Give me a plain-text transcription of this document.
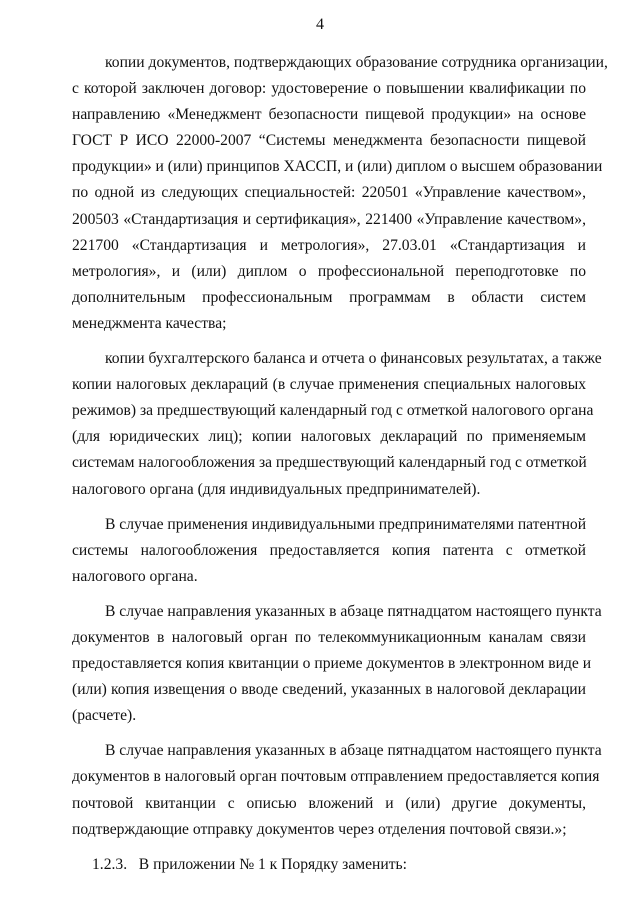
4

копии документов, подтверждающих образование сотрудника организации,
с которой заключен договор: удостоверение о повышении квалификации по
направлению «Менеджмент безопасности пищевой продукции» на основе
ГОСТ Р ИСО 22000-2007 “Системы менеджмента безопасности пищевой
продукции» и (или) принципов ХАССП, и (или) диплом о высшем образовании
по одной из следующих специальностей: 220501 «Управление качеством»,
200503 «Стандартизация и сертификация», 221400 «Управление качеством»,
221700 «Стандартизация и метрология», 27.03.01 «Стандартизация и
метрология», и (или) диплом о профессиональной переподготовке по
дополнительным профессиональным программам в области систем
менеджмента качества;

копии бухгалтерского баланса и отчета о финансовых результатах, а также
копии налоговых деклараций (в случае применения специальных налоговых
режимов) за предшествующий календарный год с отметкой налогового органа
(для юридических лиц); копии налоговых деклараций по применяемым
системам налогообложения за предшествующий календарный год с отметкой
налогового органа (для индивидуальных предпринимателей).

В случае применения индивидуальными предпринимателями патентной
системы налогообложения предоставляется копия патента с отметкой
налогового органа.

В случае направления указанных в абзаце пятнадцатом настоящего пункта
документов в налоговый орган по телекоммуникационным каналам связи
предоставляется копия квитанции о приеме документов в электронном виде и
(или) копия извещения о вводе сведений, указанных в налоговой декларации
(расчете).

В случае направления указанных в абзаце пятнадцатом настоящего пункта
документов в налоговый орган почтовым отправлением предоставляется копия
почтовой квитанции с описью вложений и (или) другие документы,
подтверждающие отправку документов через отделения почтовой связи.»;

1.2.3. В приложении № 1 к Порядку заменить:
